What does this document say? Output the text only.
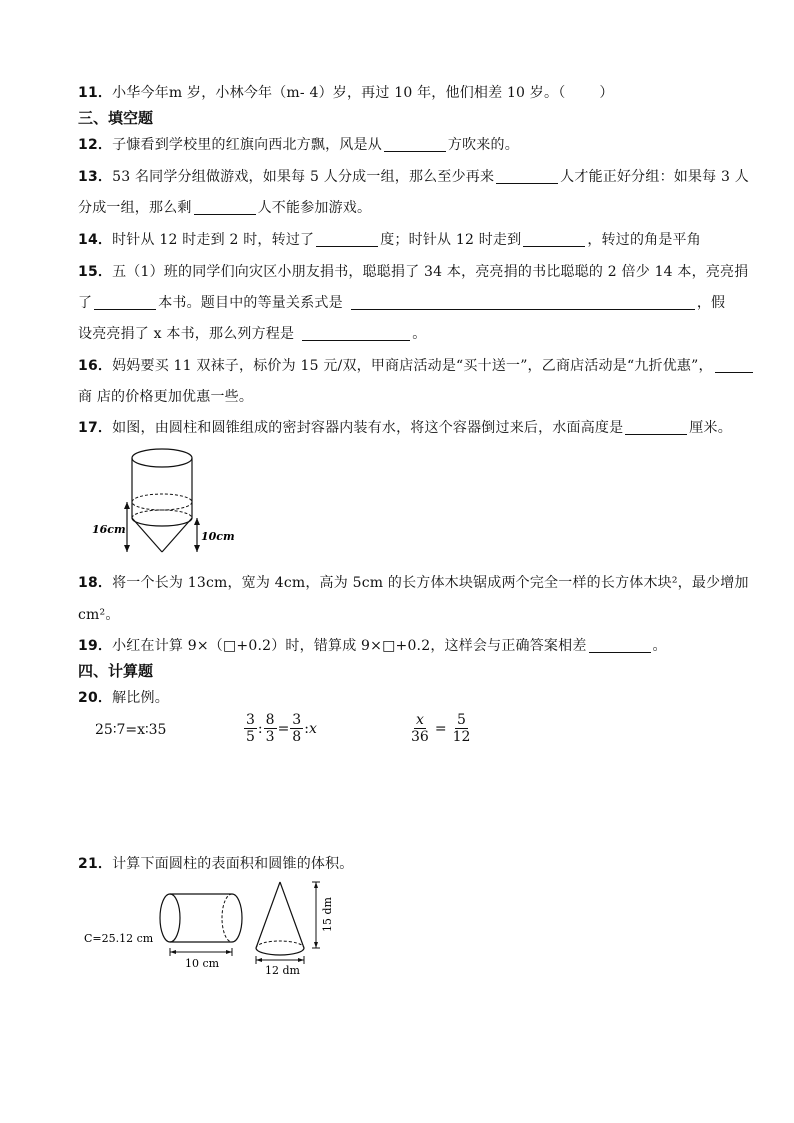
11．小华今年m 岁，小林今年（m- 4）岁，再过 10 年，他们相差 10 岁。（ ）
三、填空题
12．子慷看到学校里的红旗向西北方飘，风是从	方吹来的。
13．53 名同学分组做游戏，如果每 5 人分成一组，那么至少再来	人才能正好分组：如果每 3 人
分成一组，那么剩	人不能参加游戏。
14．时针从 12 时走到 2 时，转过了	度；时针从 12 时走到	，转过的角是平角
15．五（1）班的同学们向灾区小朋友捐书，聪聪捐了 34 本，亮亮捐的书比聪聪的 2 倍少 14 本，亮亮捐
了	本书。题目中的等量关系式是	，假
设亮亮捐了 x 本书，那么列方程是	。
16．妈妈要买 11 双袜子，标价为 15 元/双，甲商店活动是“买十送一”，乙商店活动是“九折优惠”，
商 店的价格更加优惠一些。
17．如图，由圆柱和圆锥组成的密封容器内装有水，将这个容器倒过来后，水面高度是	厘米。
16cm
10cm
18．将一个长为 13cm，宽为 4cm，高为 5cm 的长方体木块锯成两个完全一样的长方体木块²，最少增加
cm²。
19．小红在计算 9×（□+0.2）时，错算成 9×□+0.2，这样会与正确答案相差	。
四、计算题
20．解比例。
25∶7=x∶35	$\frac{3}{5}$ : $\frac{8}{3} = \frac{3}{8}$ : x	$\frac{x}{36} = \frac{5}{12}$
21．计算下面圆柱的表面积和圆锥的体积。
C=25.12 cm
10 cm
15 dm
12 dm
